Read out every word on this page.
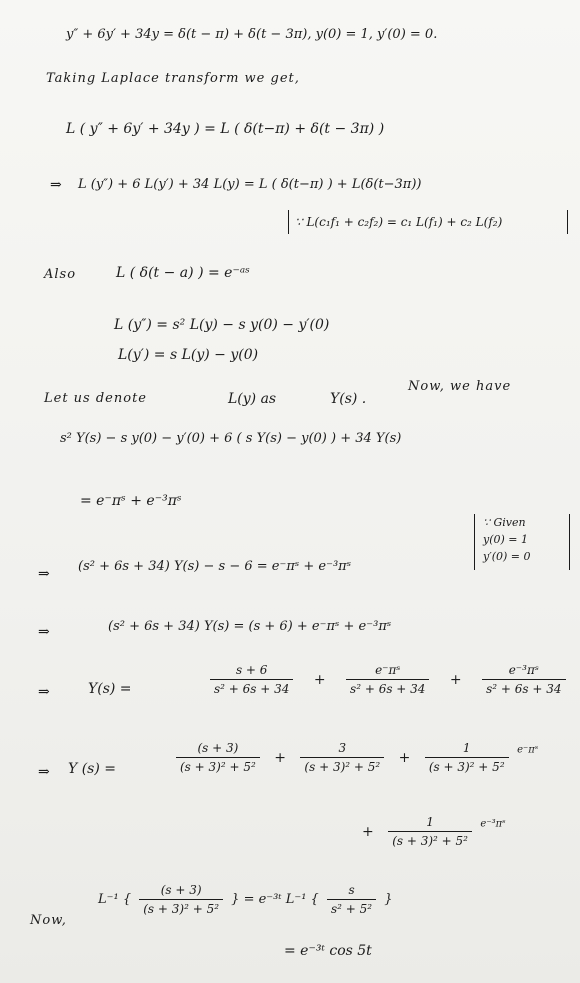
y″ + 6y′ + 34y = δ(t − π) + δ(t − 3π), y(0) = 1, y′(0) = 0.
Taking Laplace transform we get,
L ( y″ + 6y′ + 34y ) = L ( δ(t−π) + δ(t − 3π) )
⇒ L (y″) + 6 L(y′) + 34 L(y) = L ( δ(t−π) ) + L(δ(t−3π))
∵ L(c₁f₁ + c₂f₂) = c₁ L(f₁) + c₂ L(f₂)
Also	L ( δ(t − a) ) = e⁻ᵃˢ
L (y″) = s² L(y) − s y(0) − y′(0)
L(y′) = s L(y) − y(0)
Let us denote	L(y) as	Y(s) .
Now, we have
s² Y(s) − s y(0) − y′(0) + 6 ( s Y(s) − y(0) ) + 34 Y(s)
= e⁻πˢ + e⁻³πˢ
⇒ (s² + 6s + 34) Y(s) − s − 6 = e⁻πˢ + e⁻³πˢ
∵ Given
y(0) = 1
y′(0) = 0
⇒	(s² + 6s + 34) Y(s) = (s + 6) + e⁻πˢ + e⁻³πˢ
⇒	Y(s) =	$\frac{s + 6}{\text{s² + 6s + 34}} + \frac{\text{e⁻πˢ}}{\text{s² + 6s + 34}} + \frac{\text{e⁻³πˢ}}{\text{s² + 6s + 34}}$
⇒ Y (s) =	$\frac{(s + 3)}{\text{(s + 3)² + 5²}} + \frac{3}{\text{(s + 3)² + 5²}} + \frac{1}{\text{(s + 3)² + 5²}} ^{e^-\pi ˢ}$
+ $\frac{1}{\text{(s + 3)² + 5²}} ^{e^{-3}\pi ˢ}$
Now,
L⁻¹ { $\frac{(s + 3)}{\text{(s + 3)² + 5²}}$ } = e⁻³ᵗ L⁻¹ { $\frac{s}{\text{s² + 5²}}$ }
= e⁻³ᵗ cos 5t
